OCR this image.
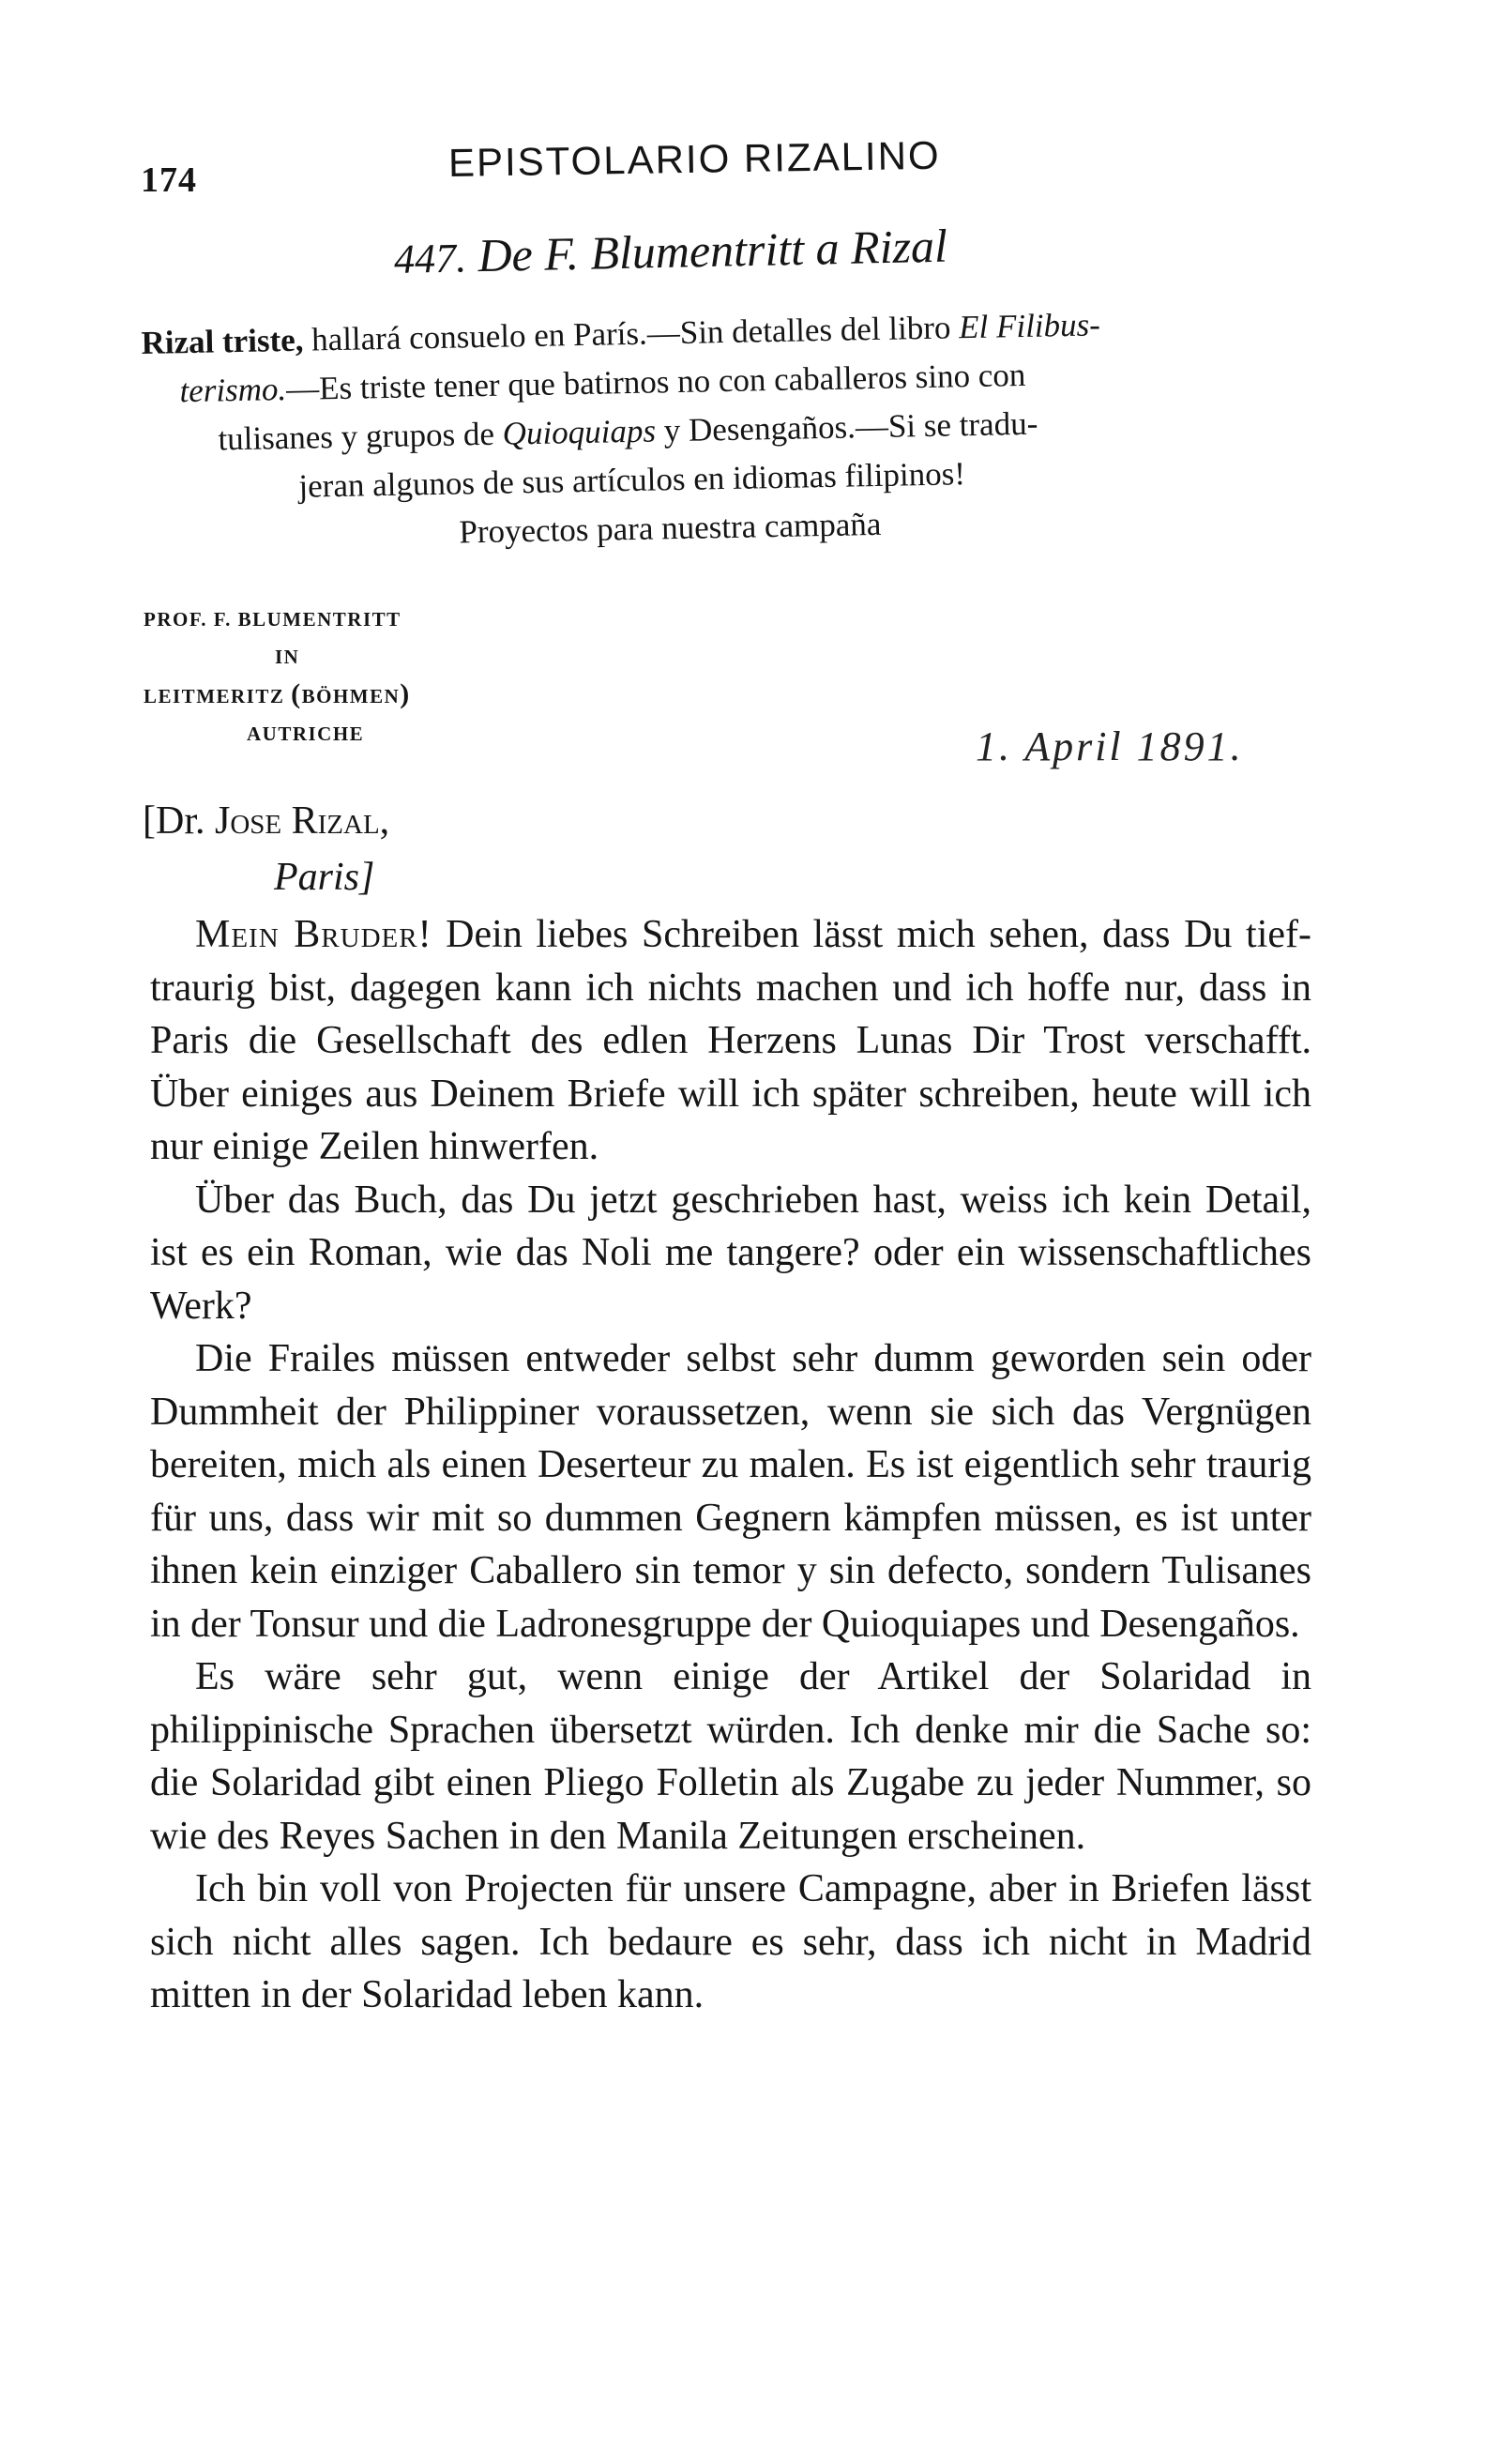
174	EPISTOLARIO RIZALINO
447. De F. Blumentritt a Rizal
Rizal triste, hallará consuelo en París.—Sin detalles del libro El Filibus-
terismo.—Es triste tener que batirnos no con caballeros sino con
tulisanes y grupos de Quioquiaps y Desengaños.—Si se tradu-
jeran algunos de sus artículos en idiomas filipinos!
Proyectos para nuestra campaña
PROF. F. BLUMENTRITT
IN
LEITMERITZ (BÖHMEN)
AUTRICHE	1. April 1891.
[Dr. Jose Rizal,
Paris]

Mein Bruder! Dein liebes Schreiben lässt mich sehen, dass Du tief-traurig bist, dagegen kann ich nichts machen und ich hoffe nur, dass in Paris die Gesellschaft des edlen Herzens Lunas Dir Trost verschafft. Über einiges aus Deinem Briefe will ich später schreiben, heute will ich nur einige Zeilen hinwerfen.

Über das Buch, das Du jetzt geschrieben hast, weiss ich kein Detail, ist es ein Roman, wie das Noli me tangere? oder ein wissenschaftliches Werk?

Die Frailes müssen entweder selbst sehr dumm geworden sein oder Dummheit der Philippiner voraussetzen, wenn sie sich das Vergnügen bereiten, mich als einen Deserteur zu malen. Es ist eigentlich sehr traurig für uns, dass wir mit so dummen Gegnern kämpfen müssen, es ist unter ihnen kein einziger Caballero sin temor y sin defecto, sondern Tulisanes in der Tonsur und die Ladronesgruppe der Quioquiapes und Desengaños.

Es wäre sehr gut, wenn einige der Artikel der Solaridad in philippinische Sprachen übersetzt würden. Ich denke mir die Sache so: die Solaridad gibt einen Pliego Folletin als Zugabe zu jeder Nummer, so wie des Reyes Sachen in den Manila Zeitungen erscheinen.

Ich bin voll von Projecten für unsere Campagne, aber in Briefen lässt sich nicht alles sagen. Ich bedaure es sehr, dass ich nicht in Madrid mitten in der Solaridad leben kann.
